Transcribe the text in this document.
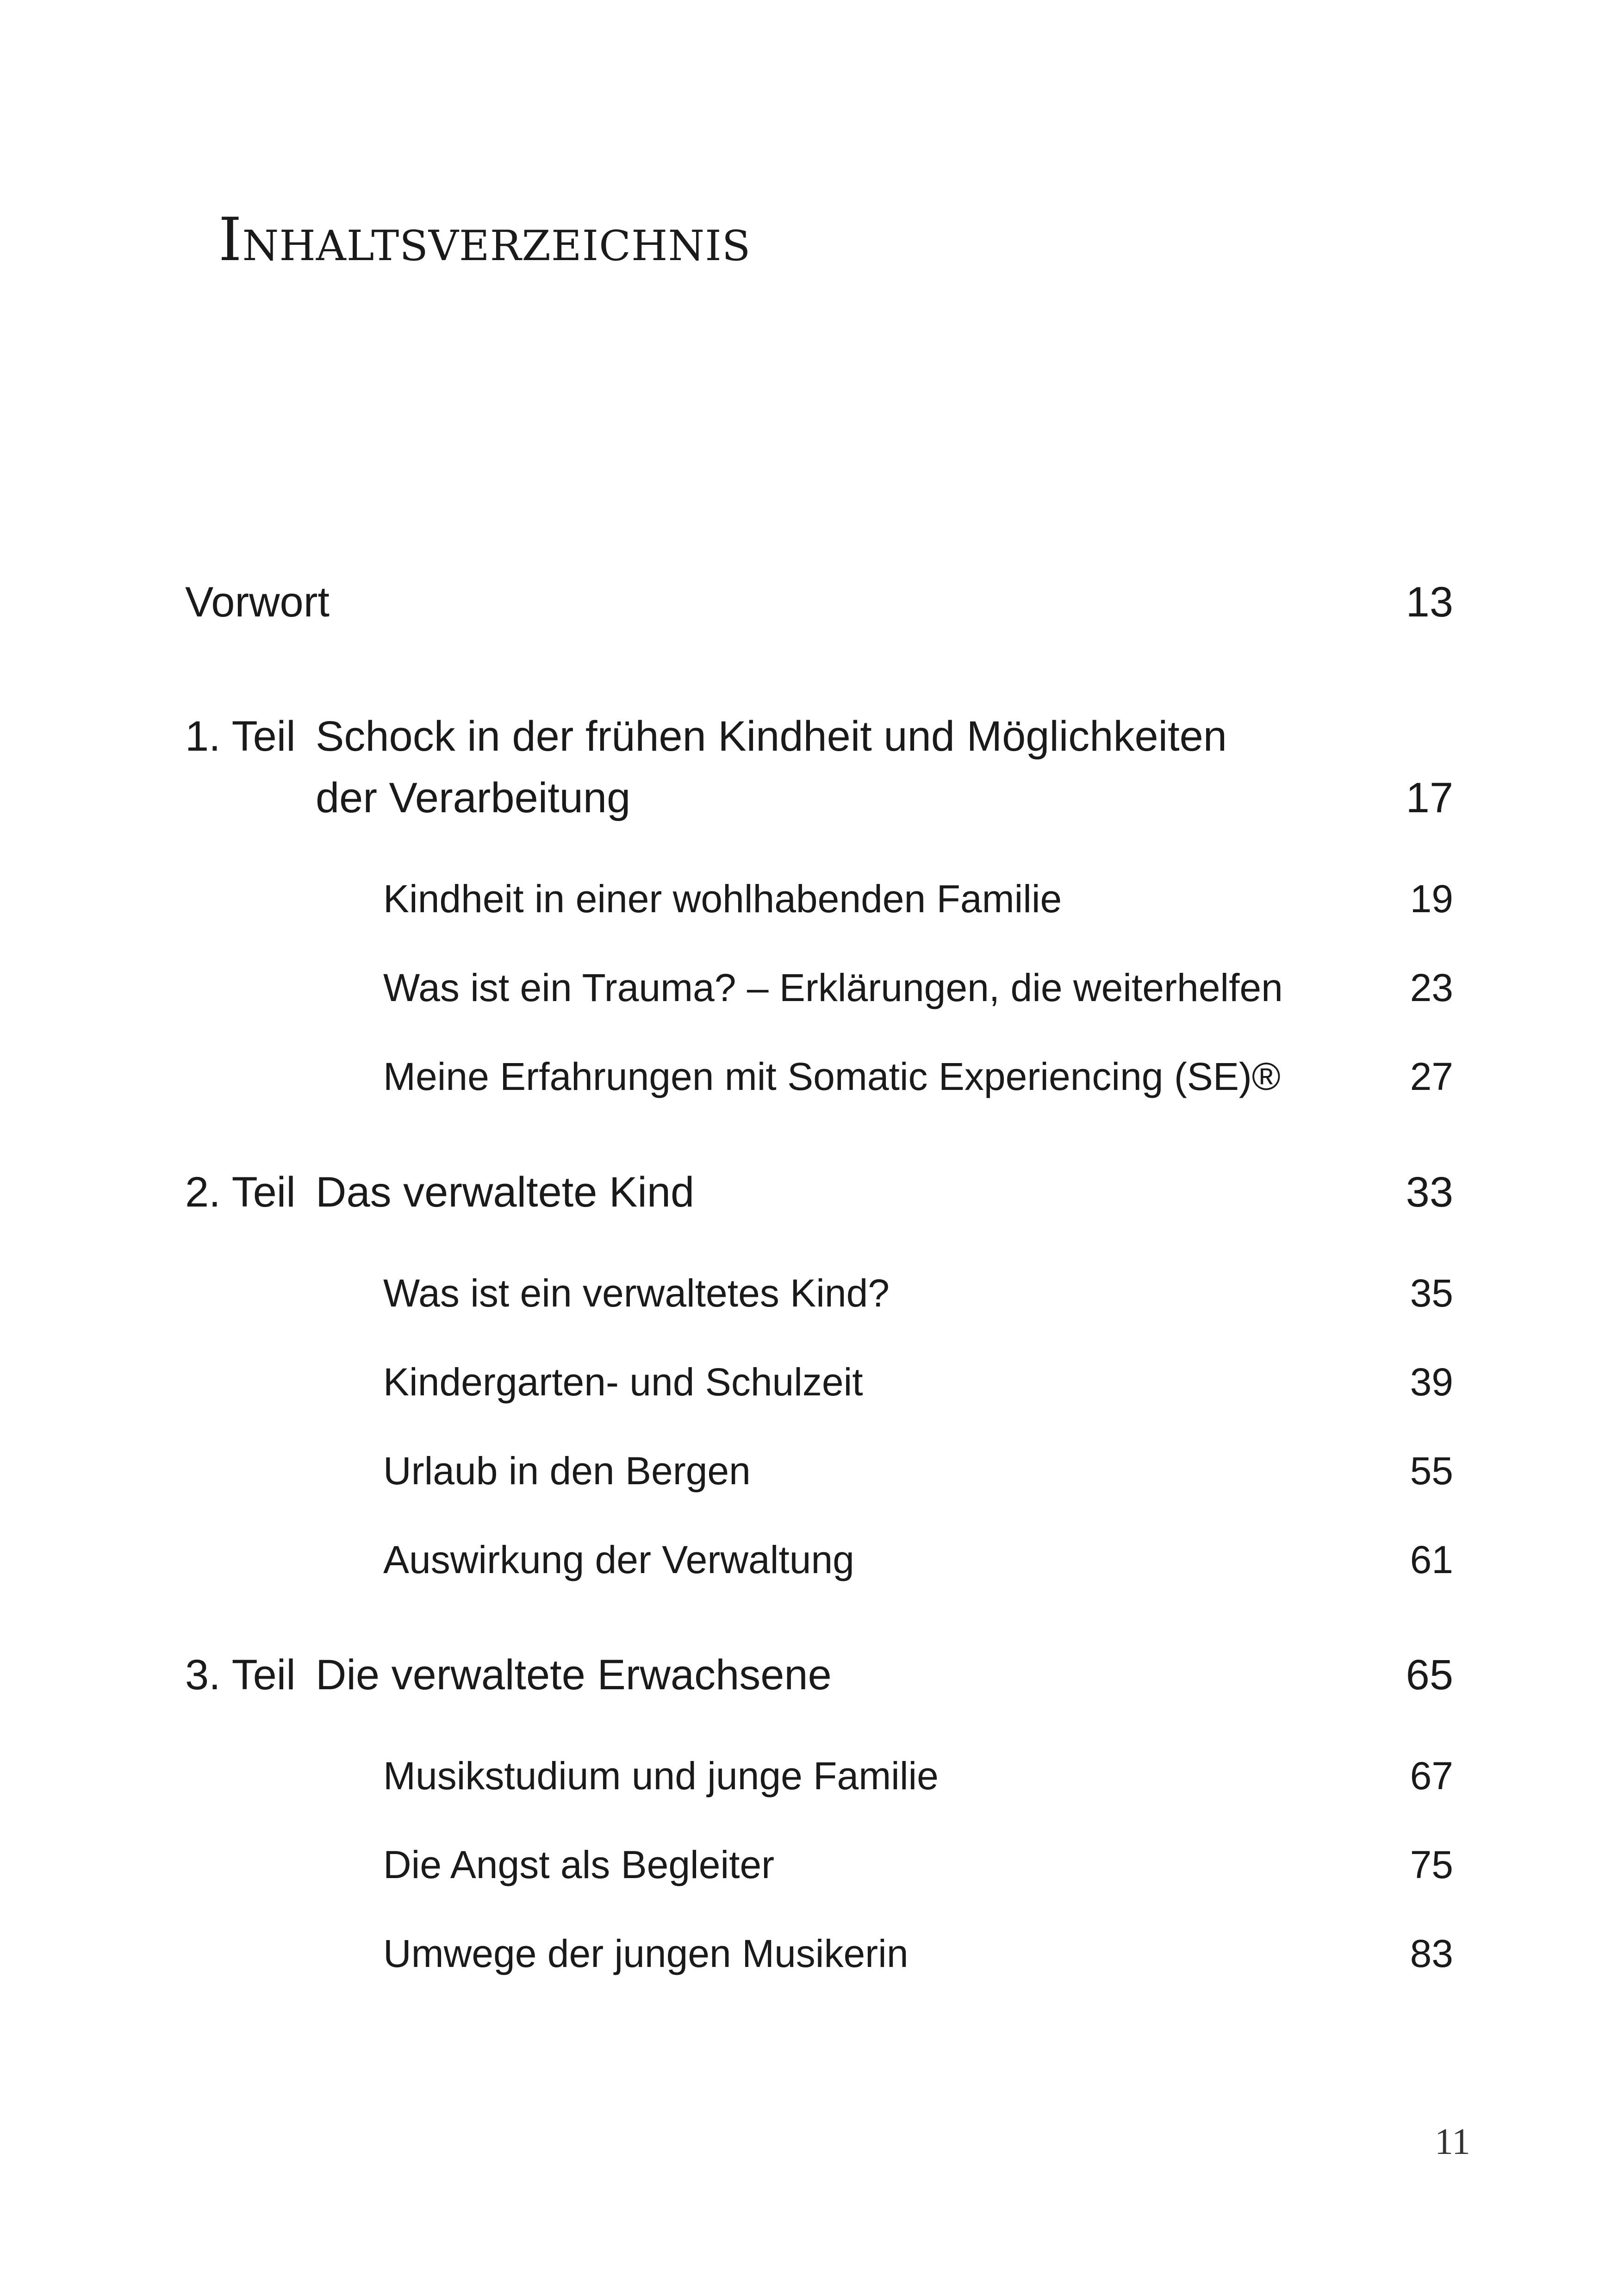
Inhaltsverzeichnis
Vorwort	13
1. Teil Schock in der frühen Kindheit und Möglichkeiten
der Verarbeitung	17
Kindheit in einer wohlhabenden Familie	19
Was ist ein Trauma? – Erklärungen, die weiterhelfen	23
Meine Erfahrungen mit Somatic Experiencing (SE)®	27
2. Teil Das verwaltete Kind	33
Was ist ein verwaltetes Kind?	35
Kindergarten- und Schulzeit	39
Urlaub in den Bergen	55
Auswirkung der Verwaltung	61
3. Teil Die verwaltete Erwachsene	65
Musikstudium und junge Familie	67
Die Angst als Begleiter	75
Umwege der jungen Musikerin	83
11
